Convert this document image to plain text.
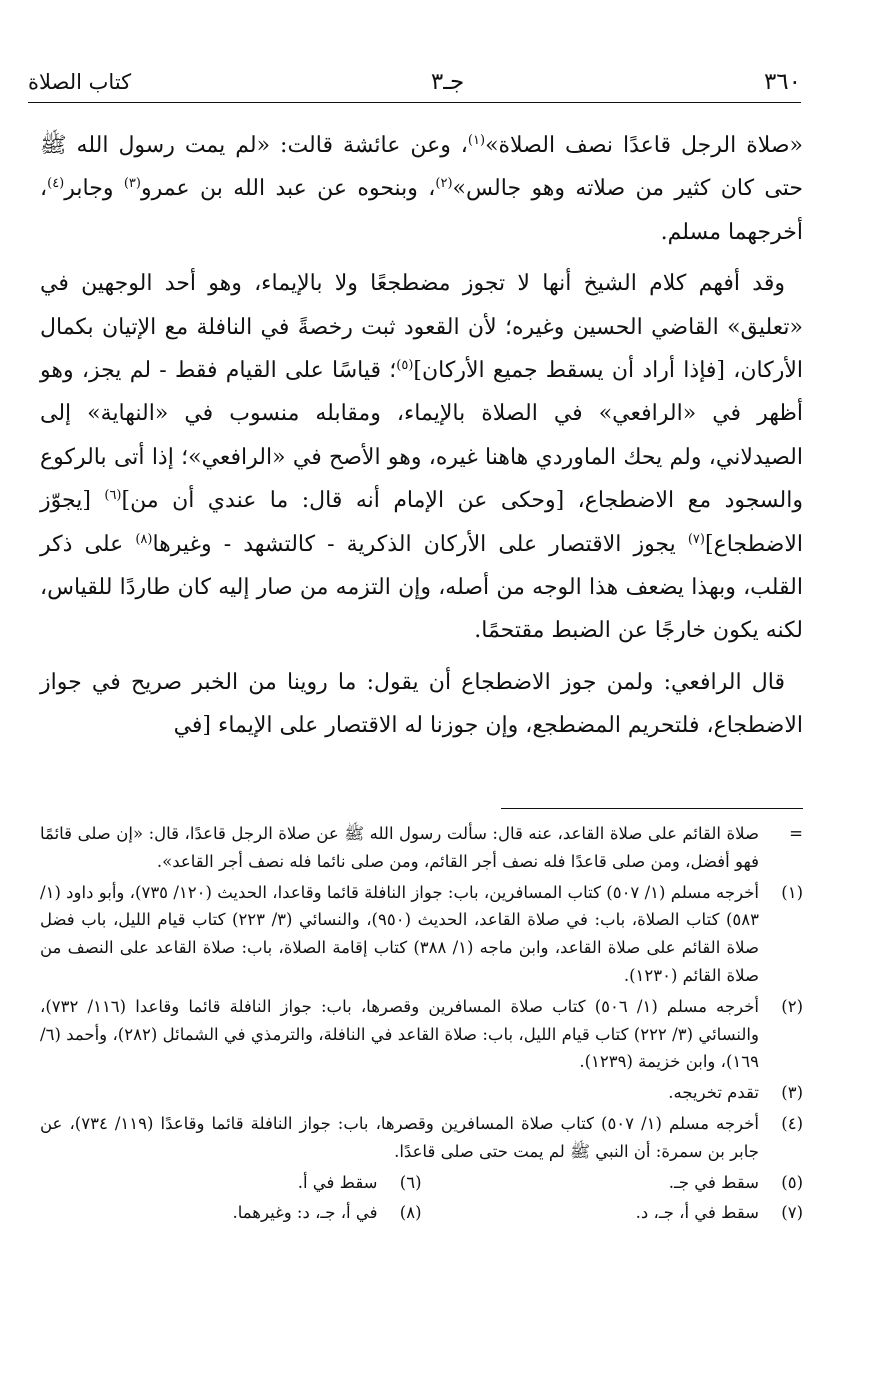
٣٦٠
جـ٣
كتاب الصلاة

«صلاة الرجل قاعدًا نصف الصلاة»$^{(١)}$، وعن عائشة قالت: «لم يمت رسول الله ﷺ حتى كان كثير من صلاته وهو جالس»$^{(٢)}$، وبنحوه عن عبد الله بن عمرو$^{(٣)}$ وجابر$^{(٤)}$، أخرجهما مسلم.

وقد أفهم كلام الشيخ أنها لا تجوز مضطجعًا ولا بالإيماء، وهو أحد الوجهين في «تعليق» القاضي الحسين وغيره؛ لأن القعود ثبت رخصةً في النافلة مع الإتيان بكمال الأركان، [فإذا أراد أن يسقط جميع الأركان]$^{(٥)}$؛ قياسًا على القيام فقط - لم يجز، وهو أظهر في «الرافعي» في الصلاة بالإيماء، ومقابله منسوب في «النهاية» إلى الصيدلاني، ولم يحك الماوردي هاهنا غيره، وهو الأصح في «الرافعي»؛ إذا أتى بالركوع والسجود مع الاضطجاع، [وحكى عن الإمام أنه قال: ما عندي أن من]$^{(٦)}$ [يجوّز الاضطجاع]$^{(٧)}$ يجوز الاقتصار على الأركان الذكرية - كالتشهد - وغيرها$^{(٨)}$ على ذكر القلب، وبهذا يضعف هذا الوجه من أصله، وإن التزمه من صار إليه كان طاردًا للقياس، لكنه يكون خارجًا عن الضبط مقتحمًا.

قال الرافعي: ولمن جوز الاضطجاع أن يقول: ما روينا من الخبر صريح في جواز الاضطجاع، فلتحريم المضطجع، وإن جوزنا له الاقتصار على الإيماء [في

=
صلاة القائم على صلاة القاعد، عنه قال: سألت رسول الله ﷺ عن صلاة الرجل قاعدًا، قال: «إن صلى قائمًا فهو أفضل، ومن صلى قاعدًا فله نصف أجر القائم، ومن صلى نائما فله نصف أجر القاعد».
(١)
أخرجه مسلم (١/ ٥٠٧) كتاب المسافرين، باب: جواز النافلة قائما وقاعدا، الحديث (١٢٠/ ٧٣٥)، وأبو داود (١/ ٥٨٣) كتاب الصلاة، باب: في صلاة القاعد، الحديث (٩٥٠)، والنسائي (٣/ ٢٢٣) كتاب قيام الليل، باب فضل صلاة القائم على صلاة القاعد، وابن ماجه (١/ ٣٨٨) كتاب إقامة الصلاة، باب: صلاة القاعد على النصف من صلاة القائم (١٢٣٠).
(٢)
أخرجه مسلم (١/ ٥٠٦) كتاب صلاة المسافرين وقصرها، باب: جواز النافلة قائما وقاعدا (١١٦/ ٧٣٢)، والنسائي (٣/ ٢٢٢) كتاب قيام الليل، باب: صلاة القاعد في النافلة، والترمذي في الشمائل (٢٨٢)، وأحمد (٦/ ١٦٩)، وابن خزيمة (١٢٣٩).
(٣)
تقدم تخريجه.
(٤)
أخرجه مسلم (١/ ٥٠٧) كتاب صلاة المسافرين وقصرها، باب: جواز النافلة قائما وقاعدًا (١١٩/ ٧٣٤)، عن جابر بن سمرة: أن النبي ﷺ لم يمت حتى صلى قاعدًا.
(٥)
سقط في جـ.
(٦)
سقط في أ.
(٧)
سقط في أ، جـ، د.
(٨)
في أ، جـ، د: وغيرهما.
